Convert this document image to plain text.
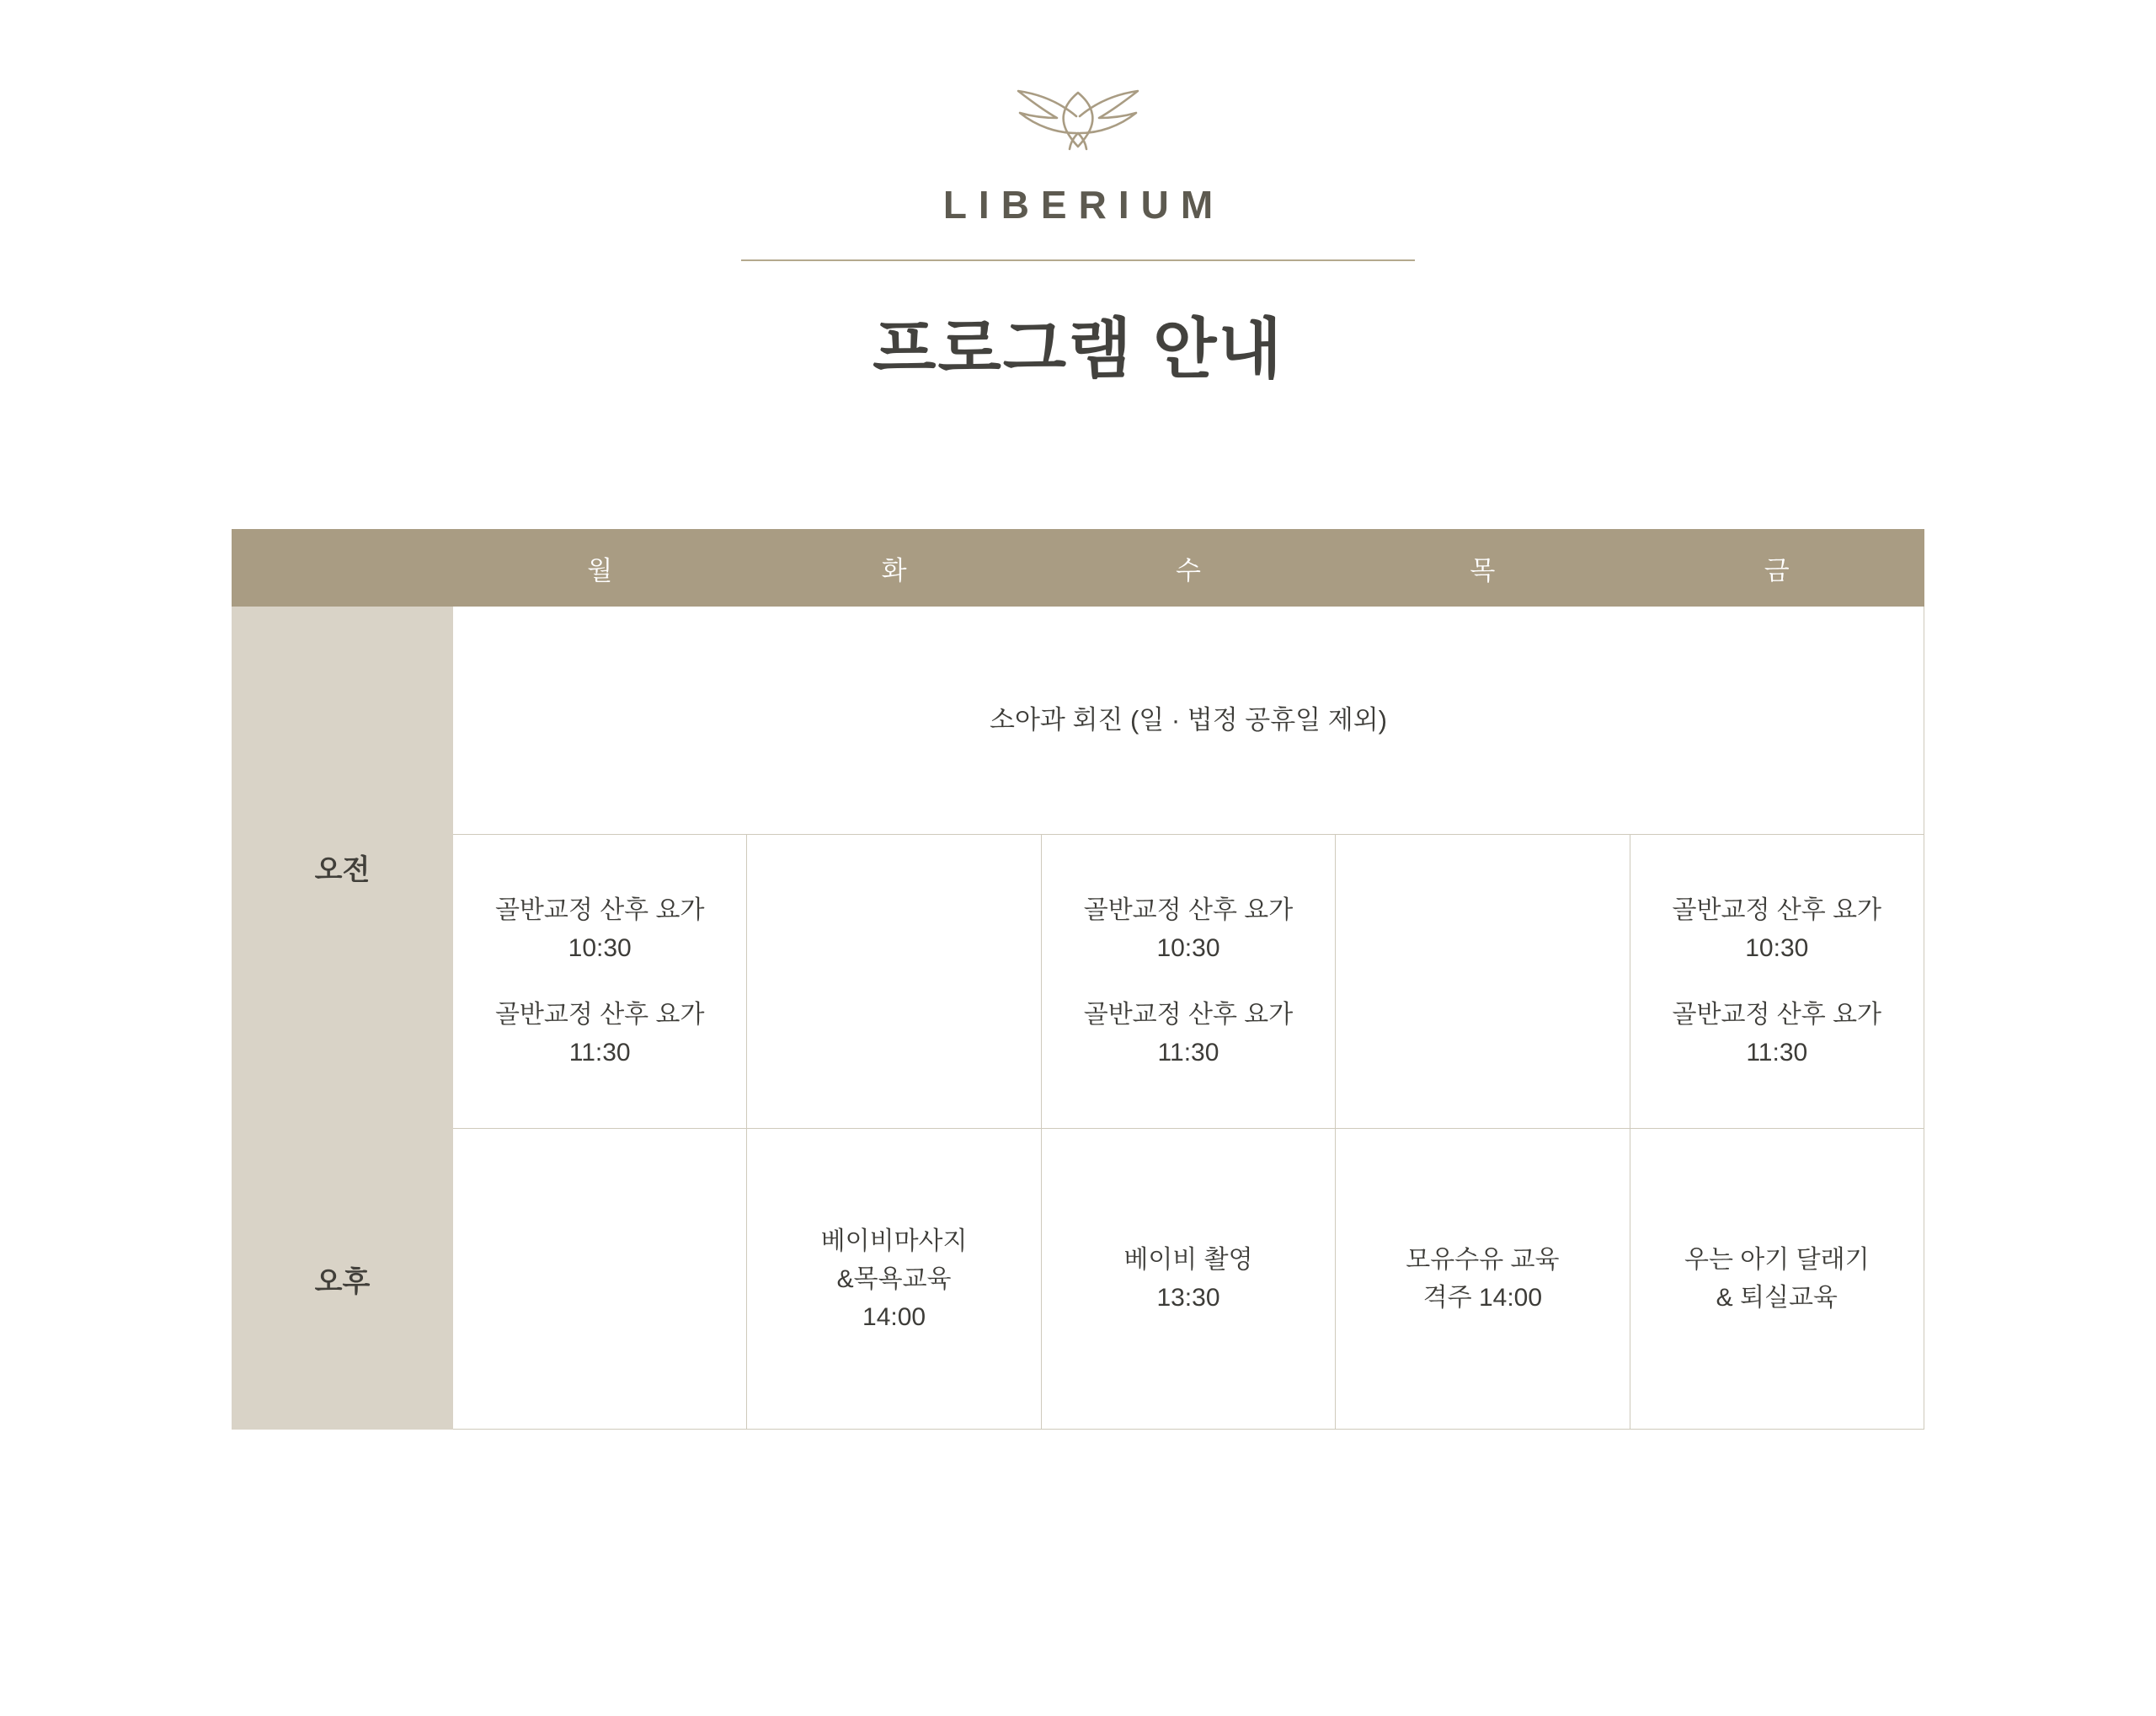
LIBERIUM
프로그램 안내
	월	화	수	목	금
오전	소아과 회진 (일 · 법정 공휴일 제외)				

	골반교정 산후 요가
10:30
골반교정 산후 요가
11:30		골반교정 산후 요가
10:30
골반교정 산후 요가
11:30		골반교정 산후 요가
10:30
골반교정 산후 요가
11:30

오후		베이비마사지
&목욕교육
14:00	베이비 촬영
13:30	모유수유 교육
격주 14:00	우는 아기 달래기
& 퇴실교육
